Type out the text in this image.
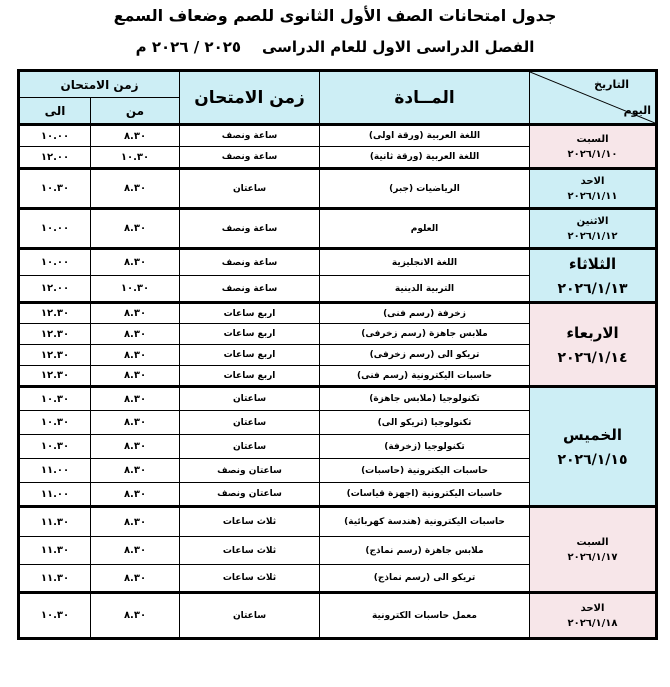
جدول امتحانات الصف الأول الثانوى للصم وضعاف السمع
الفصل الدراسى الاول للعام الدراسى    ٢٠٢٥ / ٢٠٢٦ م
زمن الامتحان		زمن الامتحان	المــادة	التاريخ
اليوم

الى	من			
١٠.٠٠	٨.٣٠	ساعة ونصف	اللغة العربية (ورقة اولى)	السبت
٢٠٢٦/١/١٠

١٢.٠٠	١٠.٣٠	ساعة ونصف	اللغة العربية (ورقة ثانية)	
١٠.٣٠	٨.٣٠	ساعتان	الرياضيات (جبر)	الاحد
٢٠٢٦/١/١١

١٠.٠٠	٨.٣٠	ساعة ونصف	العلوم	الاثنين
٢٠٢٦/١/١٢

١٠.٠٠	٨.٣٠	ساعة ونصف	اللغة الانجليزية	الثلاثاء
٢٠٢٦/١/١٣

١٢.٠٠	١٠.٣٠	ساعة ونصف	التربية الدينية	
١٢.٣٠	٨.٣٠	اربع ساعات	زخرفة (رسم فنى)	الاربعاء
٢٠٢٦/١/١٤

١٢.٣٠	٨.٣٠	اربع ساعات	ملابس جاهزة (رسم زخرفى)	
١٢.٣٠	٨.٣٠	اربع ساعات	تريكو الى (رسم زخرفى)	
١٢.٣٠	٨.٣٠	اربع ساعات	حاسبات اليكترونية (رسم فنى)	
١٠.٣٠	٨.٣٠	ساعتان	تكنولوجيا (ملابس جاهزة)	الخميس
٢٠٢٦/١/١٥

١٠.٣٠	٨.٣٠	ساعتان	تكنولوجيا (تريكو الى)	
١٠.٣٠	٨.٣٠	ساعتان	تكنولوجيا (زخرفة)	
١١.٠٠	٨.٣٠	ساعتان ونصف	حاسبات اليكترونية (حاسبات)	
١١.٠٠	٨.٣٠	ساعتان ونصف	حاسبات اليكترونية (اجهزة قياسات)	
١١.٣٠	٨.٣٠	ثلاث ساعات	حاسبات اليكترونية (هندسة كهربائية)	السبت
٢٠٢٦/١/١٧

١١.٣٠	٨.٣٠	ثلاث ساعات	ملابس جاهزة (رسم نماذج)	
١١.٣٠	٨.٣٠	ثلاث ساعات	تريكو الى (رسم نماذج)	
١٠.٣٠	٨.٣٠	ساعتان	معمل حاسبات الكترونية	الاحد
٢٠٢٦/١/١٨
